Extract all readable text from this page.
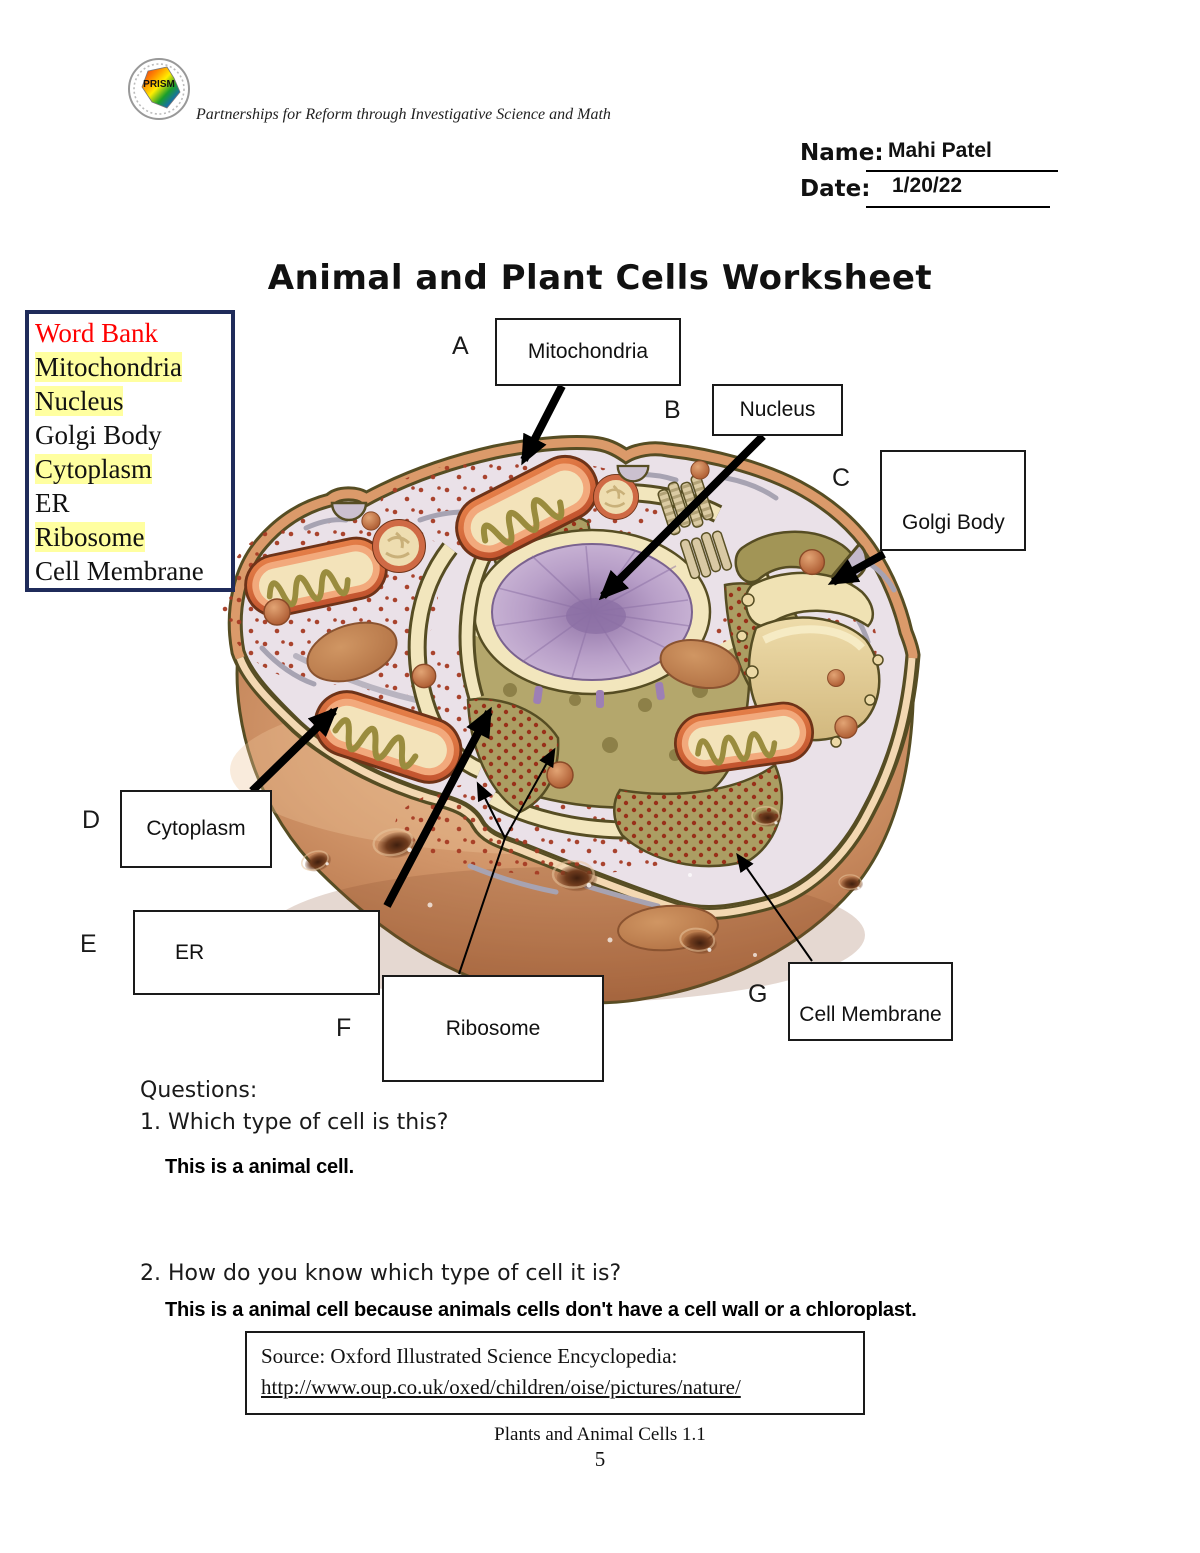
PRISM
Partnerships for Reform through Investigative Science and Math
Name: Mahi Patel
Date: 1/20/22
Animal and Plant Cells Worksheet
Word Bank
Mitochondria
Nucleus
Golgi Body
Cytoplasm
ER
Ribosome
Cell Membrane
A	Mitochondria
B	Nucleus
C
Golgi Body
D Cytoplasm
E	ER
F	Ribosome
G
Cell Membrane
Questions:
1. Which type of cell is this?
This is a animal cell.
2. How do you know which type of cell it is?
This is a animal cell because animals cells don't have a cell wall or a chloroplast.
Source: Oxford Illustrated Science Encyclopedia:
http://www.oup.co.uk/oxed/children/oise/pictures/nature/
Plants and Animal Cells 1.1
5
